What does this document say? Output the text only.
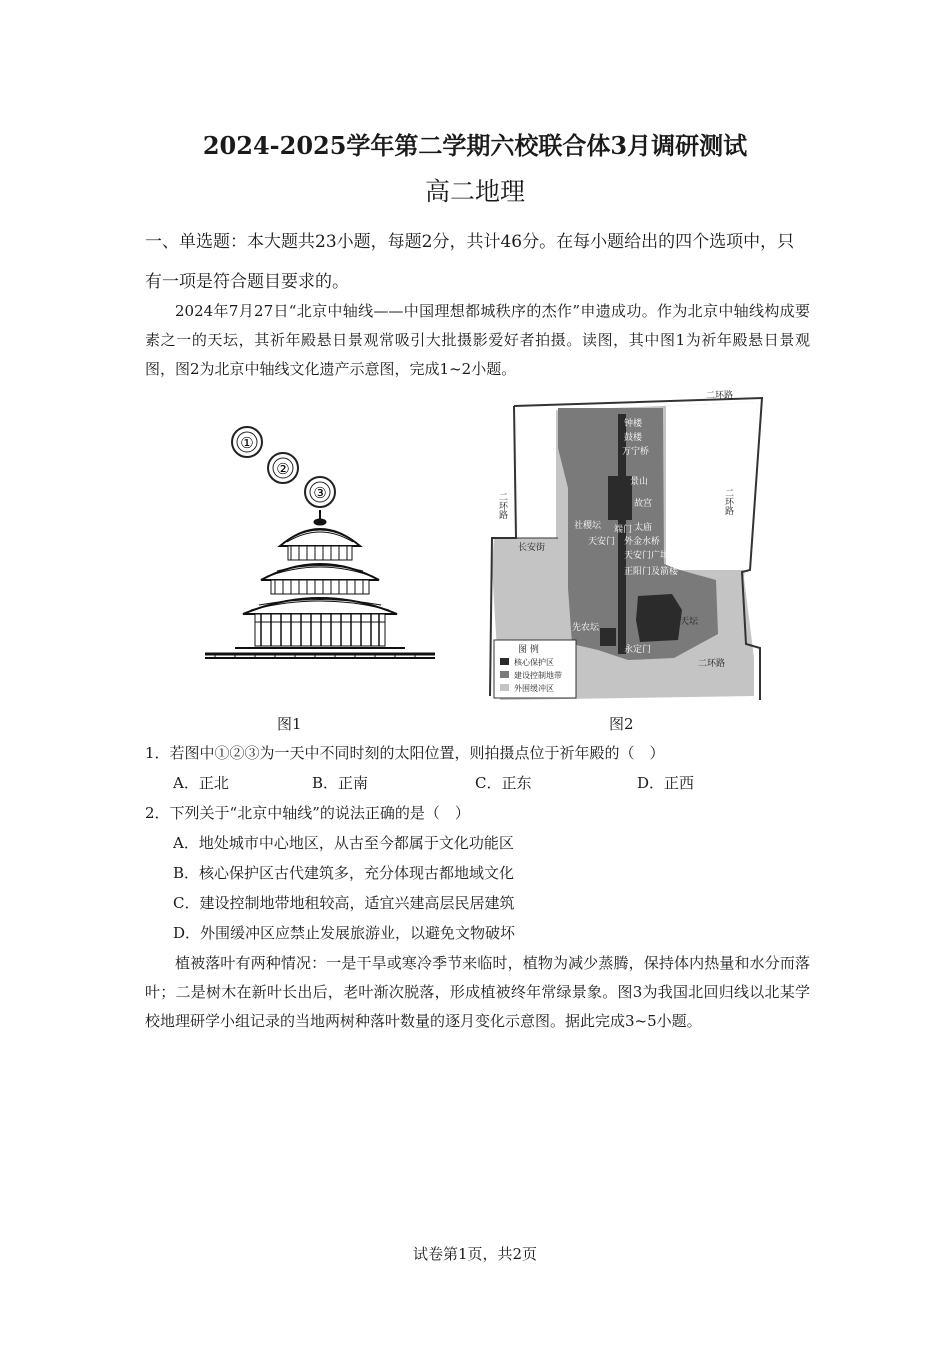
2024-2025学年第二学期六校联合体3月调研测试
高二地理
一、单选题：本大题共23小题，每题2分，共计46分。在每小题给出的四个选项中，只有一项是符合题目要求的。
2024年7月27日“北京中轴线——中国理想都城秩序的杰作”申遗成功。作为北京中轴线构成要素之一的天坛，其祈年殿悬日景观常吸引大批摄影爱好者拍摄。读图，其中图1为祈年殿悬日景观图，图2为北京中轴线文化遗产示意图，完成1~2小题。
①
②
③
图1
二环路
二环路	二环路
二环路
长安街
钟楼
鼓楼
万宁桥
景山
故宫
社稷坛 端门 太庙
天安门 外金水桥
天安门广场及建筑群
正阳门及箭楼
先农坛
天坛
永定门
图 例
核心保护区
建设控制地带
外围缓冲区
图2
1．若图中①②③为一天中不同时刻的太阳位置，则拍摄点位于祈年殿的（　）
A．正北	B．正南	C．正东	D．正西
2．下列关于“北京中轴线”的说法正确的是（　）
A．地处城市中心地区，从古至今都属于文化功能区
B．核心保护区古代建筑多，充分体现古都地域文化
C．建设控制地带地租较高，适宜兴建高层民居建筑
D．外围缓冲区应禁止发展旅游业，以避免文物破坏
植被落叶有两种情况：一是干旱或寒冷季节来临时，植物为减少蒸腾，保持体内热量和水分而落叶；二是树木在新叶长出后，老叶渐次脱落，形成植被终年常绿景象。图3为我国北回归线以北某学校地理研学小组记录的当地两树种落叶数量的逐月变化示意图。据此完成3~5小题。
试卷第1页，共2页
